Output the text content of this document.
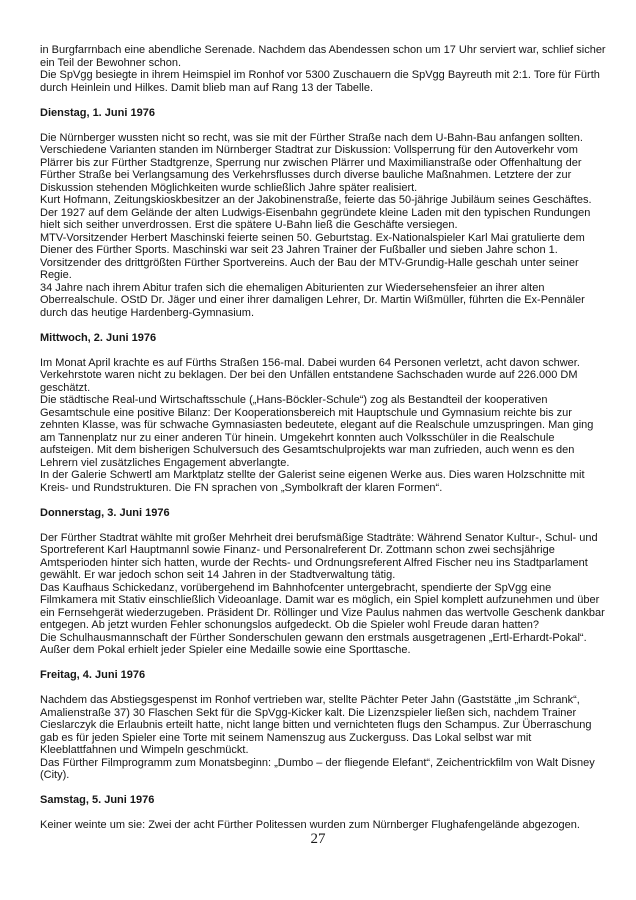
in Burgfarrnbach eine abendliche Serenade. Nachdem das Abendessen schon um 17 Uhr serviert war, schlief sicher ein Teil der Bewohner schon.

Die SpVgg besiegte in ihrem Heimspiel im Ronhof vor 5300 Zuschauern die SpVgg Bayreuth mit 2:1. Tore für Fürth durch Heinlein und Hilkes. Damit blieb man auf Rang 13 der Tabelle.

Dienstag, 1. Juni 1976

Die Nürnberger wussten nicht so recht, was sie mit der Fürther Straße nach dem U-Bahn-Bau anfangen sollten. Verschiedene Varianten standen im Nürnberger Stadtrat zur Diskussion: Vollsperrung für den Autoverkehr vom Plärrer bis zur Fürther Stadtgrenze, Sperrung nur zwischen Plärrer und Maximilianstraße oder Offenhaltung der Fürther Straße bei Verlangsamung des Verkehrsflusses durch diverse bauliche Maßnahmen. Letztere der zur Diskussion stehenden Möglichkeiten wurde schließlich Jahre später realisiert.

Kurt Hofmann, Zeitungskioskbesitzer an der Jakobinenstraße, feierte das 50-jährige Jubiläum seines Geschäftes. Der 1927 auf dem Gelände der alten Ludwigs-Eisenbahn gegründete kleine Laden mit den typischen Rundungen hielt sich seither unverdrossen. Erst die spätere U-Bahn ließ die Geschäfte versiegen.

MTV-Vorsitzender Herbert Maschinski feierte seinen 50. Geburtstag. Ex-Nationalspieler Karl Mai gratulierte dem Diener des Fürther Sports. Maschinski war seit 23 Jahren Trainer der Fußballer und sieben Jahre schon 1. Vorsitzender des drittgrößten Fürther Sportvereins. Auch der Bau der MTV-Grundig-Halle geschah unter seiner Regie.

34 Jahre nach ihrem Abitur trafen sich die ehemaligen Abiturienten zur Wiedersehensfeier an ihrer alten Oberrealschule. OStD Dr. Jäger und einer ihrer damaligen Lehrer, Dr. Martin Wißmüller, führten die Ex-Pennäler durch das heutige Hardenberg-Gymnasium.

Mittwoch, 2. Juni 1976

Im Monat April krachte es auf Fürths Straßen 156-mal. Dabei wurden 64 Personen verletzt, acht davon schwer. Verkehrstote waren nicht zu beklagen. Der bei den Unfällen entstandene Sachschaden wurde auf 226.000 DM geschätzt.

Die städtische Real-und Wirtschaftsschule („Hans-Böckler-Schule“) zog als Bestandteil der kooperativen Gesamtschule eine positive Bilanz: Der Kooperationsbereich mit Hauptschule und Gymnasium reichte bis zur zehnten Klasse, was für schwache Gymnasiasten bedeutete, elegant auf die Realschule umzuspringen. Man ging am Tannenplatz nur zu einer anderen Tür hinein. Umgekehrt konnten auch Volksschüler in die Realschule aufsteigen. Mit dem bisherigen Schulversuch des Gesamtschulprojekts war man zufrieden, auch wenn es den Lehrern viel zusätzliches Engagement abverlangte.

In der Galerie Schwertl am Marktplatz stellte der Galerist seine eigenen Werke aus. Dies waren Holzschnitte mit Kreis- und Rundstrukturen. Die FN sprachen von „Symbolkraft der klaren Formen“.

Donnerstag, 3. Juni 1976

Der Fürther Stadtrat wählte mit großer Mehrheit drei berufsmäßige Stadträte: Während Senator Kultur-, Schul- und Sportreferent Karl Hauptmannl sowie Finanz- und Personalreferent Dr. Zottmann schon zwei sechsjährige Amtsperioden hinter sich hatten, wurde der Rechts- und Ordnungsreferent Alfred Fischer neu ins Stadtparlament gewählt. Er war jedoch schon seit 14 Jahren in der Stadtverwaltung tätig.

Das Kaufhaus Schickedanz, vorübergehend im Bahnhofcenter untergebracht, spendierte der SpVgg eine Filmkamera mit Stativ einschließlich Videoanlage. Damit war es möglich, ein Spiel komplett aufzunehmen und über ein Fernsehgerät wiederzugeben. Präsident Dr. Röllinger und Vize Paulus nahmen das wertvolle Geschenk dankbar entgegen. Ab jetzt wurden Fehler schonungslos aufgedeckt. Ob die Spieler wohl Freude daran hatten?

Die Schulhausmannschaft der Fürther Sonderschulen gewann den erstmals ausgetragenen „Ertl-Erhardt-Pokal“. Außer dem Pokal erhielt jeder Spieler eine Medaille sowie eine Sporttasche.

Freitag, 4. Juni 1976

Nachdem das Abstiegsgespenst im Ronhof vertrieben war, stellte Pächter Peter Jahn (Gaststätte „im Schrank“, Amalienstraße 37) 30 Flaschen Sekt für die SpVgg-Kicker kalt. Die Lizenzspieler ließen sich, nachdem Trainer Cieslarczyk die Erlaubnis erteilt hatte, nicht lange bitten und vernichteten flugs den Schampus. Zur Überraschung gab es für jeden Spieler eine Torte mit seinem Namenszug aus Zuckerguss. Das Lokal selbst war mit Kleeblattfahnen und Wimpeln geschmückt.

Das Fürther Filmprogramm zum Monatsbeginn: „Dumbo – der fliegende Elefant“, Zeichentrickfilm von Walt Disney (City).

Samstag, 5. Juni 1976

Keiner weinte um sie: Zwei der acht Fürther Politessen wurden zum Nürnberger Flughafengelände abgezogen.

27
